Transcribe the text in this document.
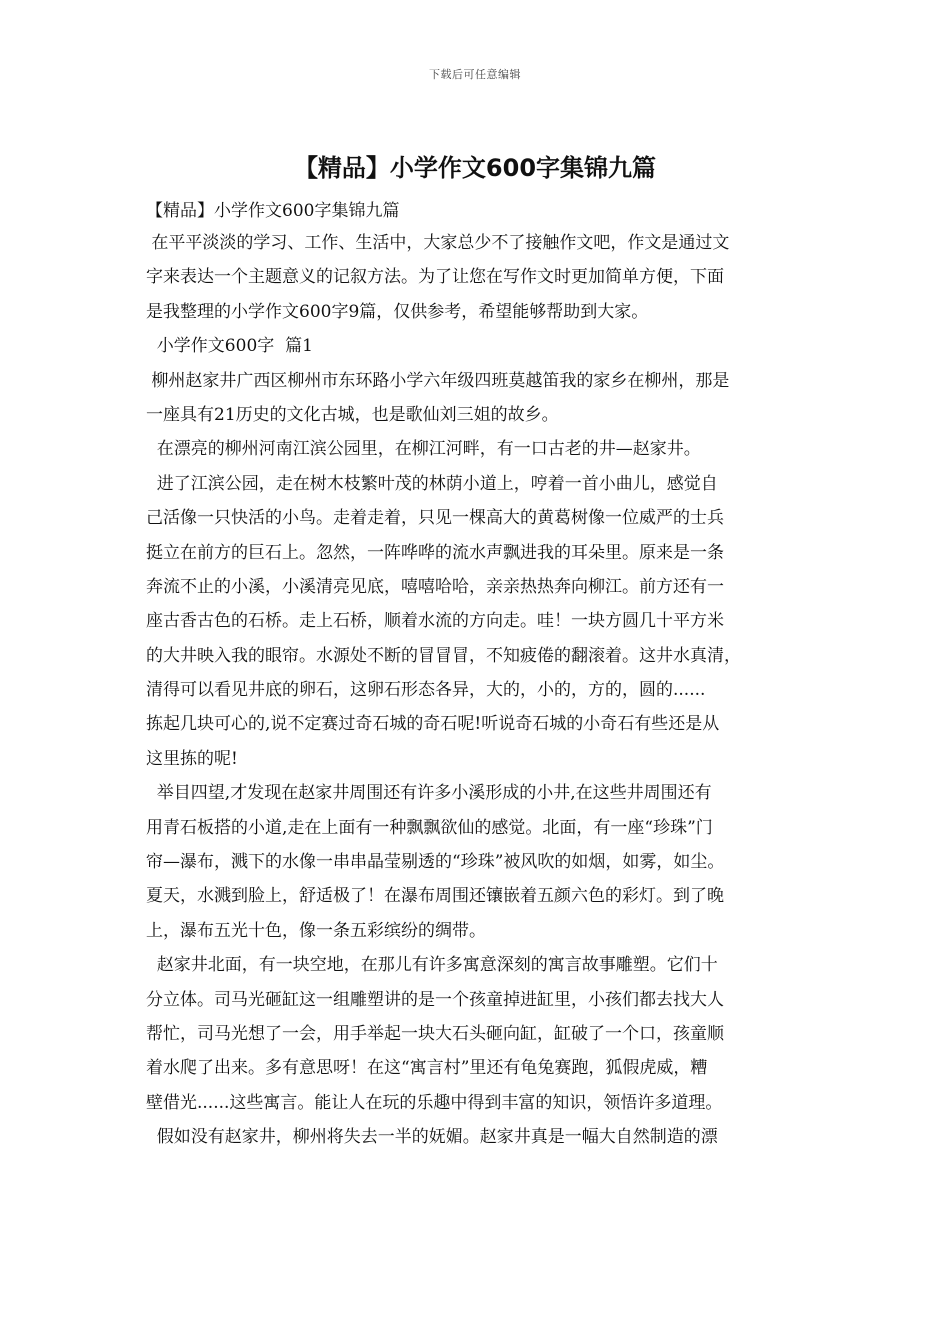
下载后可任意编辑
【精品】小学作文600字集锦九篇
【精品】小学作文600字集锦九篇
在平平淡淡的学习、工作、生活中，大家总少不了接触作文吧，作文是通过文
字来表达一个主题意义的记叙方法。为了让您在写作文时更加简单方便，下面
是我整理的小学作文600字9篇，仅供参考，希望能够帮助到大家。
小学作文600字  篇1
柳州赵家井广西区柳州市东环路小学六年级四班莫越笛我的家乡在柳州，那是
一座具有21历史的文化古城，也是歌仙刘三姐的故乡。
在漂亮的柳州河南江滨公园里，在柳江河畔，有一口古老的井—赵家井。
进了江滨公园，走在树木枝繁叶茂的林荫小道上，哼着一首小曲儿，感觉自
己活像一只快活的小鸟。走着走着，只见一棵高大的黄葛树像一位威严的士兵
挺立在前方的巨石上。忽然，一阵哗哗的流水声飘进我的耳朵里。原来是一条
奔流不止的小溪，小溪清亮见底，嘻嘻哈哈，亲亲热热奔向柳江。前方还有一
座古香古色的石桥。走上石桥，顺着水流的方向走。哇！一块方圆几十平方米
的大井映入我的眼帘。水源处不断的冒冒冒，不知疲倦的翻滚着。这井水真清，
清得可以看见井底的卵石，这卵石形态各异，大的，小的，方的，圆的......
拣起几块可心的,说不定赛过奇石城的奇石呢!听说奇石城的小奇石有些还是从
这里拣的呢!
举目四望,才发现在赵家井周围还有许多小溪形成的小井,在这些井周围还有
用青石板搭的小道,走在上面有一种飘飘欲仙的感觉。北面，有一座“珍珠”门
帘—瀑布，溅下的水像一串串晶莹剔透的“珍珠”被风吹的如烟，如雾，如尘。
夏天，水溅到脸上，舒适极了！在瀑布周围还镶嵌着五颜六色的彩灯。到了晚
上，瀑布五光十色，像一条五彩缤纷的绸带。
赵家井北面，有一块空地，在那儿有许多寓意深刻的寓言故事雕塑。它们十
分立体。司马光砸缸这一组雕塑讲的是一个孩童掉进缸里，小孩们都去找大人
帮忙，司马光想了一会，用手举起一块大石头砸向缸，缸破了一个口，孩童顺
着水爬了出来。多有意思呀！在这“寓言村”里还有龟兔赛跑，狐假虎威，糟
壁借光......这些寓言。能让人在玩的乐趣中得到丰富的知识，领悟许多道理。
假如没有赵家井，柳州将失去一半的妩媚。赵家井真是一幅大自然制造的漂
